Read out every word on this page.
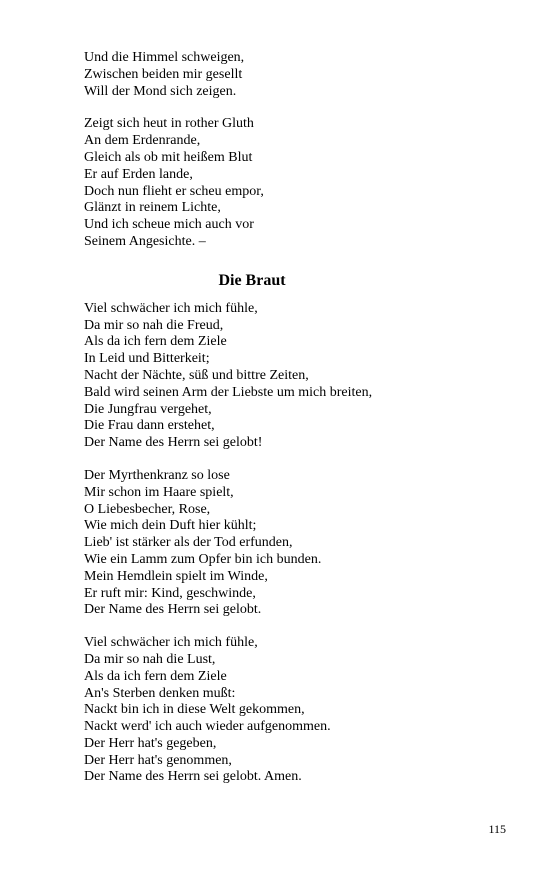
Und die Himmel schweigen,
Zwischen beiden mir gesellt
Will der Mond sich zeigen.
Zeigt sich heut in rother Gluth
An dem Erdenrande,
Gleich als ob mit heißem Blut
Er auf Erden lande,
Doch nun flieht er scheu empor,
Glänzt in reinem Lichte,
Und ich scheue mich auch vor
Seinem Angesichte. –
Die Braut
Viel schwächer ich mich fühle,
Da mir so nah die Freud,
Als da ich fern dem Ziele
In Leid und Bitterkeit;
Nacht der Nächte, süß und bittre Zeiten,
Bald wird seinen Arm der Liebste um mich breiten,
Die Jungfrau vergehet,
Die Frau dann erstehet,
Der Name des Herrn sei gelobt!
Der Myrthenkranz so lose
Mir schon im Haare spielt,
O Liebesbecher, Rose,
Wie mich dein Duft hier kühlt;
Lieb' ist stärker als der Tod erfunden,
Wie ein Lamm zum Opfer bin ich bunden.
Mein Hemdlein spielt im Winde,
Er ruft mir: Kind, geschwinde,
Der Name des Herrn sei gelobt.
Viel schwächer ich mich fühle,
Da mir so nah die Lust,
Als da ich fern dem Ziele
An's Sterben denken mußt:
Nackt bin ich in diese Welt gekommen,
Nackt werd' ich auch wieder aufgenommen.
Der Herr hat's gegeben,
Der Herr hat's genommen,
Der Name des Herrn sei gelobt. Amen.
115
